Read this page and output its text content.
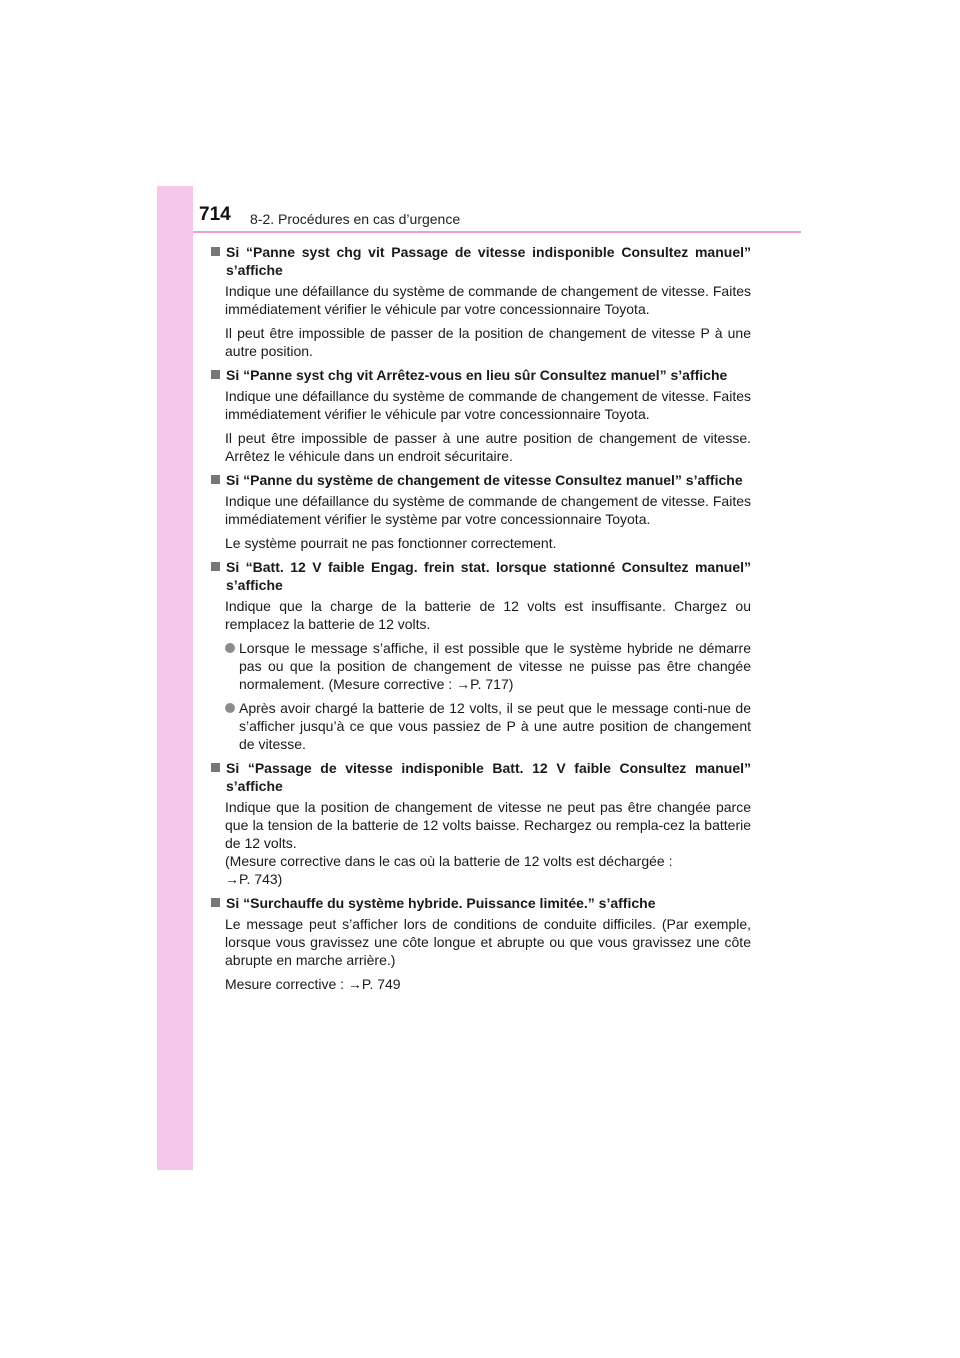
714 8-2. Procédures en cas d’urgence
Si “Panne syst chg vit Passage de vitesse indisponible Consultez manuel” s’affiche
Indique une défaillance du système de commande de changement de vitesse. Faites immédiatement vérifier le véhicule par votre concessionnaire Toyota.
Il peut être impossible de passer de la position de changement de vitesse P à une autre position.
Si “Panne syst chg vit Arrêtez-vous en lieu sûr Consultez manuel” s’affiche
Indique une défaillance du système de commande de changement de vitesse. Faites immédiatement vérifier le véhicule par votre concessionnaire Toyota.
Il peut être impossible de passer à une autre position de changement de vitesse. Arrêtez le véhicule dans un endroit sécuritaire.
Si “Panne du système de changement de vitesse Consultez manuel” s’affiche
Indique une défaillance du système de commande de changement de vitesse. Faites immédiatement vérifier le système par votre concessionnaire Toyota.
Le système pourrait ne pas fonctionner correctement.
Si “Batt. 12 V faible Engag. frein stat. lorsque stationné Consultez manuel” s’affiche
Indique que la charge de la batterie de 12 volts est insuffisante. Chargez ou remplacez la batterie de 12 volts.
Lorsque le message s’affiche, il est possible que le système hybride ne démarre pas ou que la position de changement de vitesse ne puisse pas être changée normalement. (Mesure corrective : →P. 717)
Après avoir chargé la batterie de 12 volts, il se peut que le message conti-nue de s’afficher jusqu’à ce que vous passiez de P à une autre position de changement de vitesse.
Si “Passage de vitesse indisponible Batt. 12 V faible Consultez manuel” s’affiche
Indique que la position de changement de vitesse ne peut pas être changée parce que la tension de la batterie de 12 volts baisse. Rechargez ou rempla-cez la batterie de 12 volts.
(Mesure corrective dans le cas où la batterie de 12 volts est déchargée :
→P. 743)
Si “Surchauffe du système hybride. Puissance limitée.” s’affiche
Le message peut s’afficher lors de conditions de conduite difficiles. (Par exemple, lorsque vous gravissez une côte longue et abrupte ou que vous gravissez une côte abrupte en marche arrière.)
Mesure corrective : →P. 749
